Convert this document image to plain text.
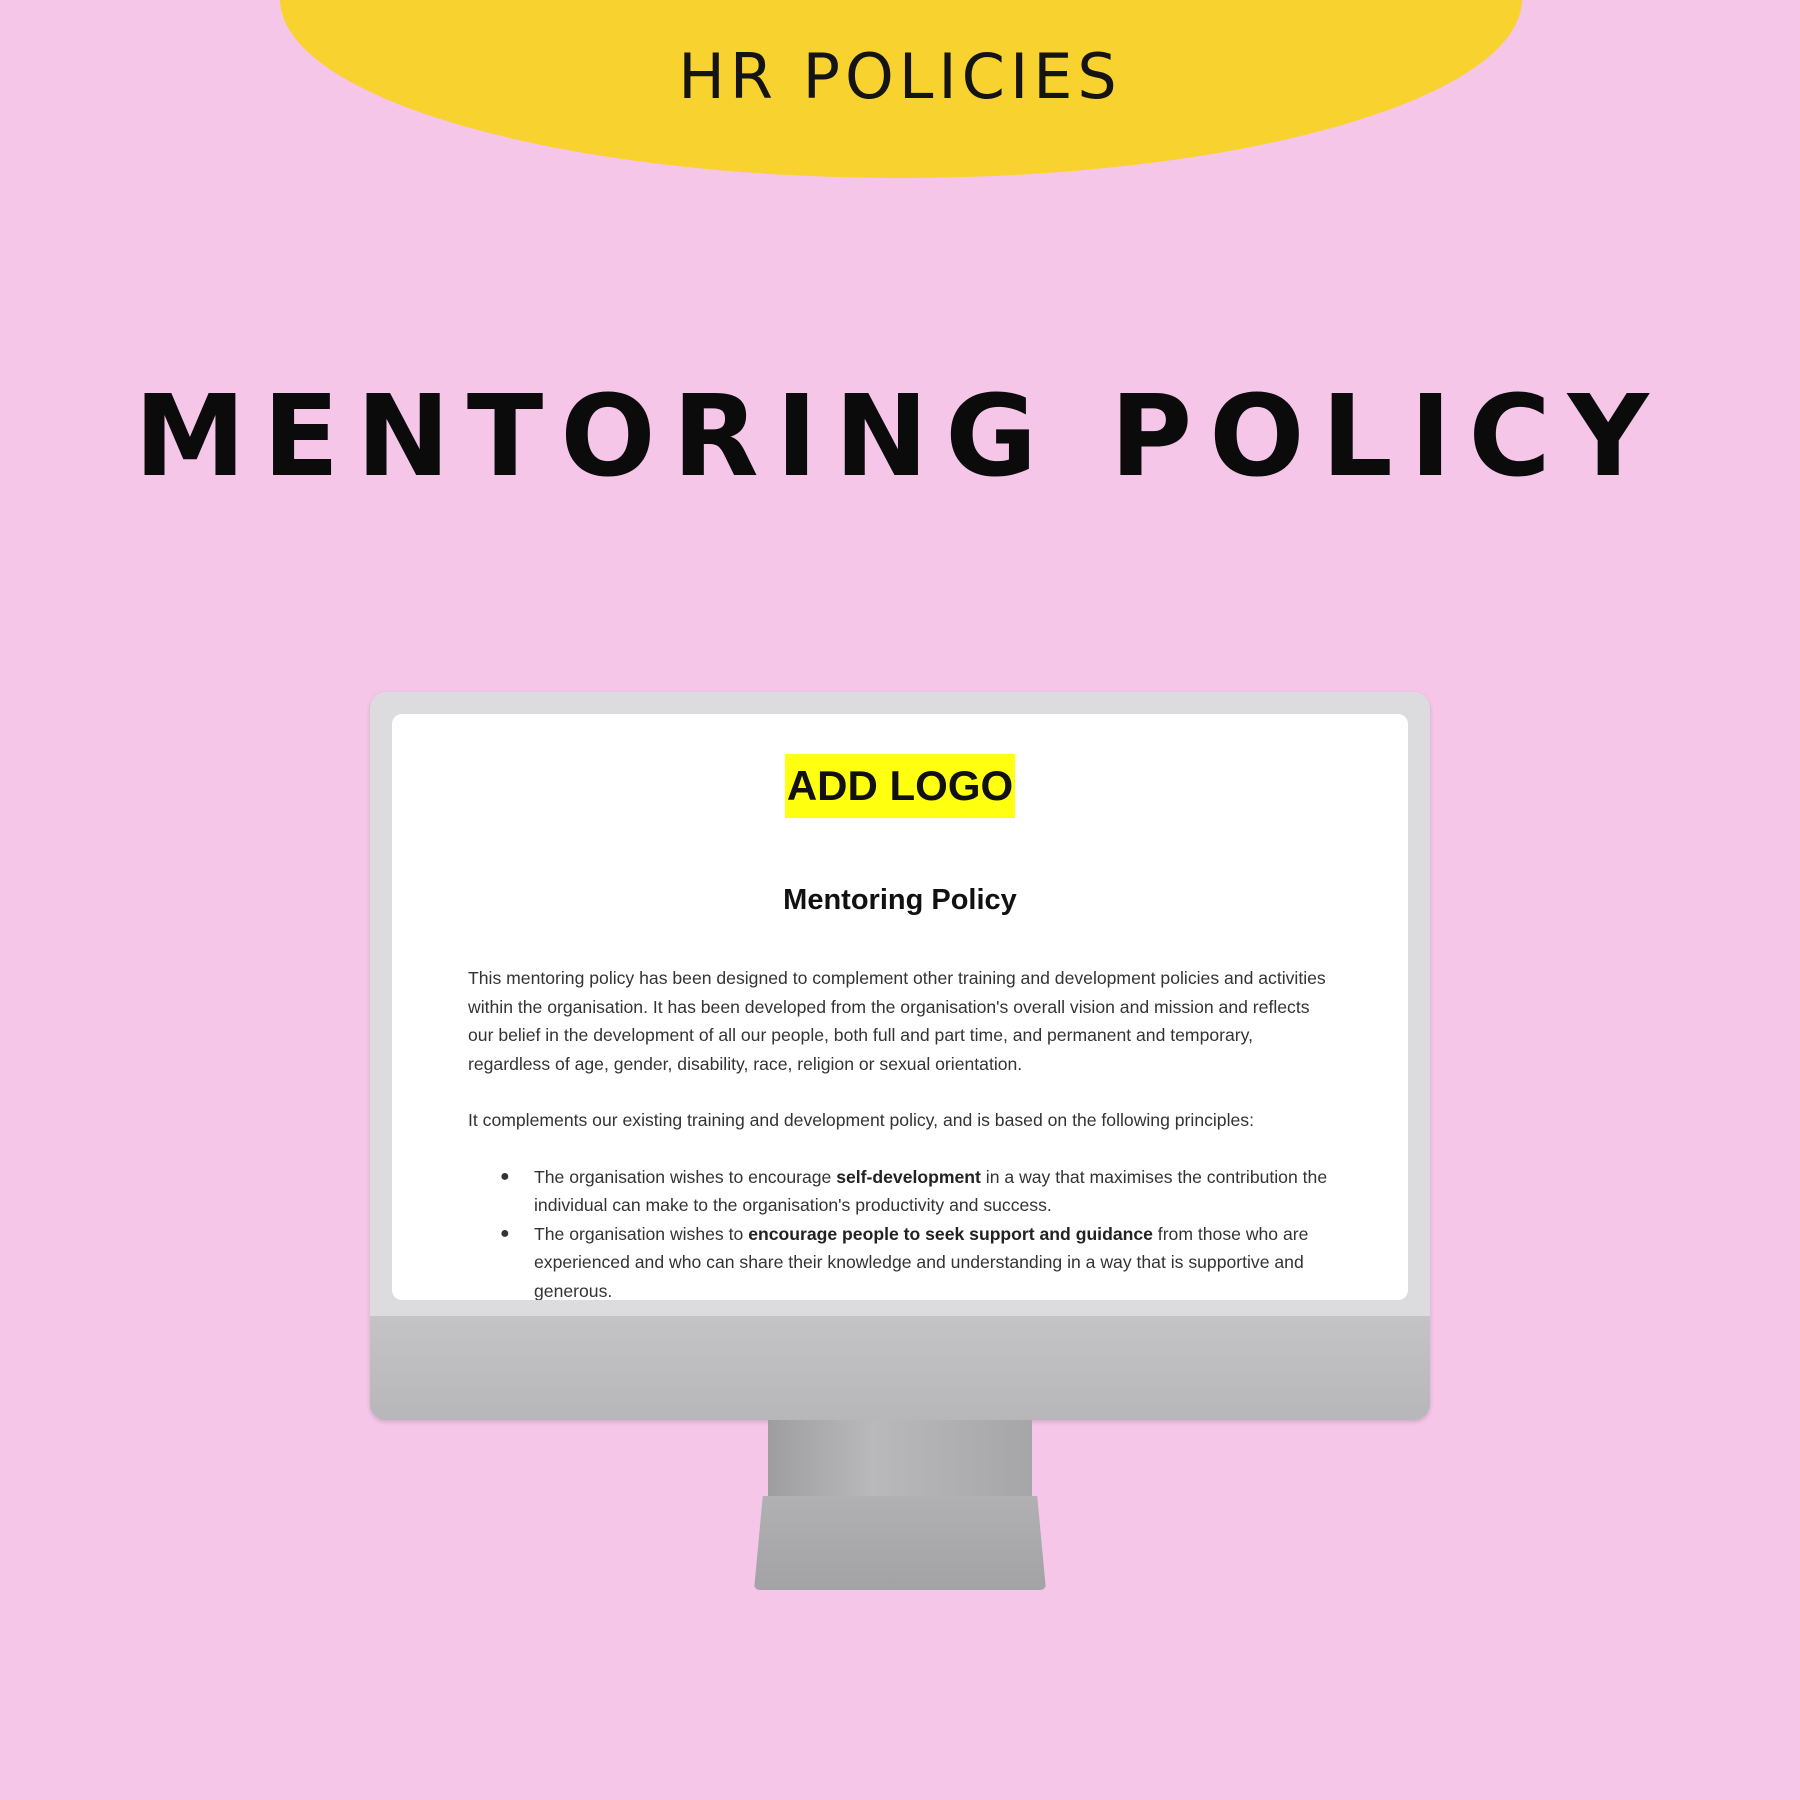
HR POLICIES
MENTORING POLICY
ADD LOGO
Mentoring Policy

This mentoring policy has been designed to complement other training and development policies and activities within the organisation. It has been developed from the organisation's overall vision and mission and reflects our belief in the development of all our people, both full and part time, and permanent and temporary, regardless of age, gender, disability, race, religion or sexual orientation.

It complements our existing training and development policy, and is based on the following principles:

● The organisation wishes to encourage self-development in a way that maximises the contribution the individual can make to the organisation's productivity and success.
● The organisation wishes to encourage people to seek support and guidance from those who are experienced and who can share their knowledge and understanding in a way that is supportive and generous.
